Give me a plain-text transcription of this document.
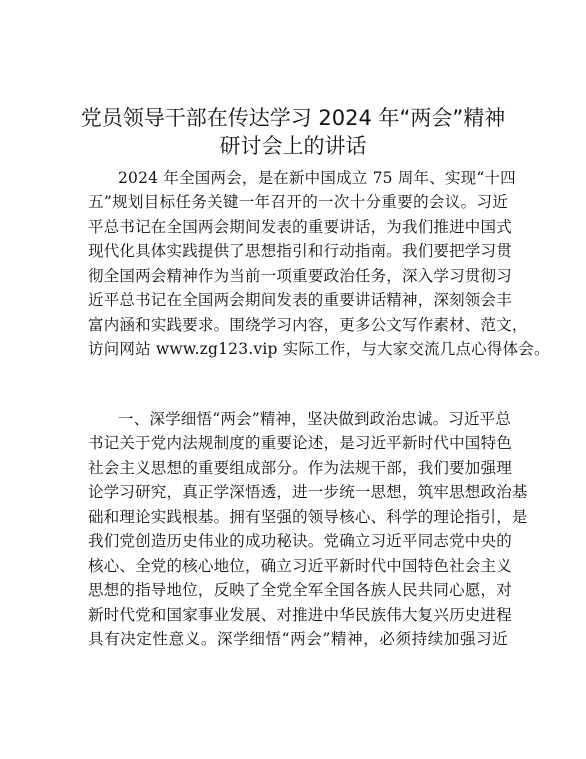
党员领导干部在传达学习 2024 年“两会”精神
研讨会上的讲话
2024 年全国两会，是在新中国成立 75 周年、实现“十四
五”规划目标任务关键一年召开的一次十分重要的会议。习近
平总书记在全国两会期间发表的重要讲话，为我们推进中国式
现代化具体实践提供了思想指引和行动指南。我们要把学习贯
彻全国两会精神作为当前一项重要政治任务，深入学习贯彻习
近平总书记在全国两会期间发表的重要讲话精神，深刻领会丰
富内涵和实践要求。围绕学习内容，更多公文写作素材、范文，
访问网站 www.zg123.vip 实际工作，与大家交流几点心得体会。
一、深学细悟“两会”精神，坚决做到政治忠诚。习近平总
书记关于党内法规制度的重要论述，是习近平新时代中国特色
社会主义思想的重要组成部分。作为法规干部，我们要加强理
论学习研究，真正学深悟透，进一步统一思想，筑牢思想政治基
础和理论实践根基。拥有坚强的领导核心、科学的理论指引，是
我们党创造历史伟业的成功秘诀。党确立习近平同志党中央的
核心、全党的核心地位，确立习近平新时代中国特色社会主义
思想的指导地位，反映了全党全军全国各族人民共同心愿，对
新时代党和国家事业发展、对推进中华民族伟大复兴历史进程
具有决定性意义。深学细悟“两会”精神，必须持续加强习近
